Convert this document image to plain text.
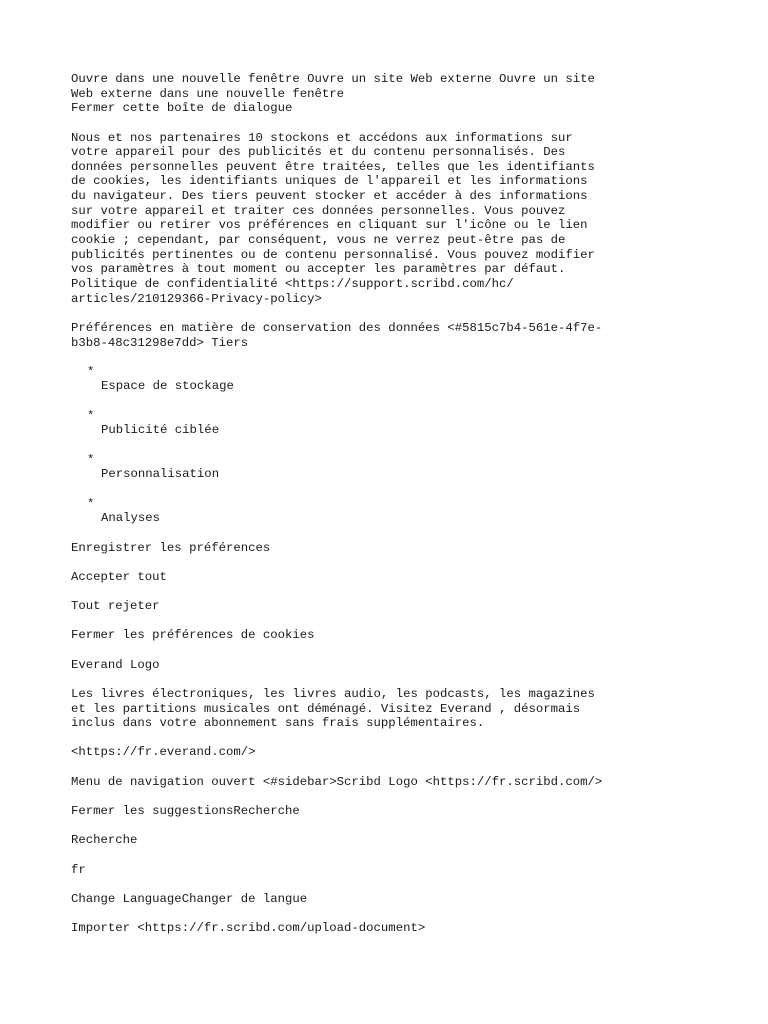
Ouvre dans une nouvelle fenêtre Ouvre un site Web externe Ouvre un site
Web externe dans une nouvelle fenêtre
Fermer cette boîte de dialogue
Nous et nos partenaires 10 stockons et accédons aux informations sur
votre appareil pour des publicités et du contenu personnalisés. Des
données personnelles peuvent être traitées, telles que les identifiants
de cookies, les identifiants uniques de l'appareil et les informations
du navigateur. Des tiers peuvent stocker et accéder à des informations
sur votre appareil et traiter ces données personnelles. Vous pouvez
modifier ou retirer vos préférences en cliquant sur l'icône ou le lien
cookie ; cependant, par conséquent, vous ne verrez peut-être pas de
publicités pertinentes ou de contenu personnalisé. Vous pouvez modifier
vos paramètres à tout moment ou accepter les paramètres par défaut.
Politique de confidentialité <https://support.scribd.com/hc/
articles/210129366-Privacy-policy>
Préférences en matière de conservation des données <#5815c7b4-561e-4f7e-
b3b8-48c31298e7dd> Tiers
*
Espace de stockage
*
Publicité ciblée
*
Personnalisation
*
Analyses
Enregistrer les préférences
Accepter tout
Tout rejeter
Fermer les préférences de cookies
Everand Logo
Les livres électroniques, les livres audio, les podcasts, les magazines
et les partitions musicales ont déménagé. Visitez Everand , désormais
inclus dans votre abonnement sans frais supplémentaires.
<https://fr.everand.com/>
Menu de navigation ouvert <#sidebar>Scribd Logo <https://fr.scribd.com/>
Fermer les suggestionsRecherche
Recherche
fr
Change LanguageChanger de langue
Importer <https://fr.scribd.com/upload-document>
